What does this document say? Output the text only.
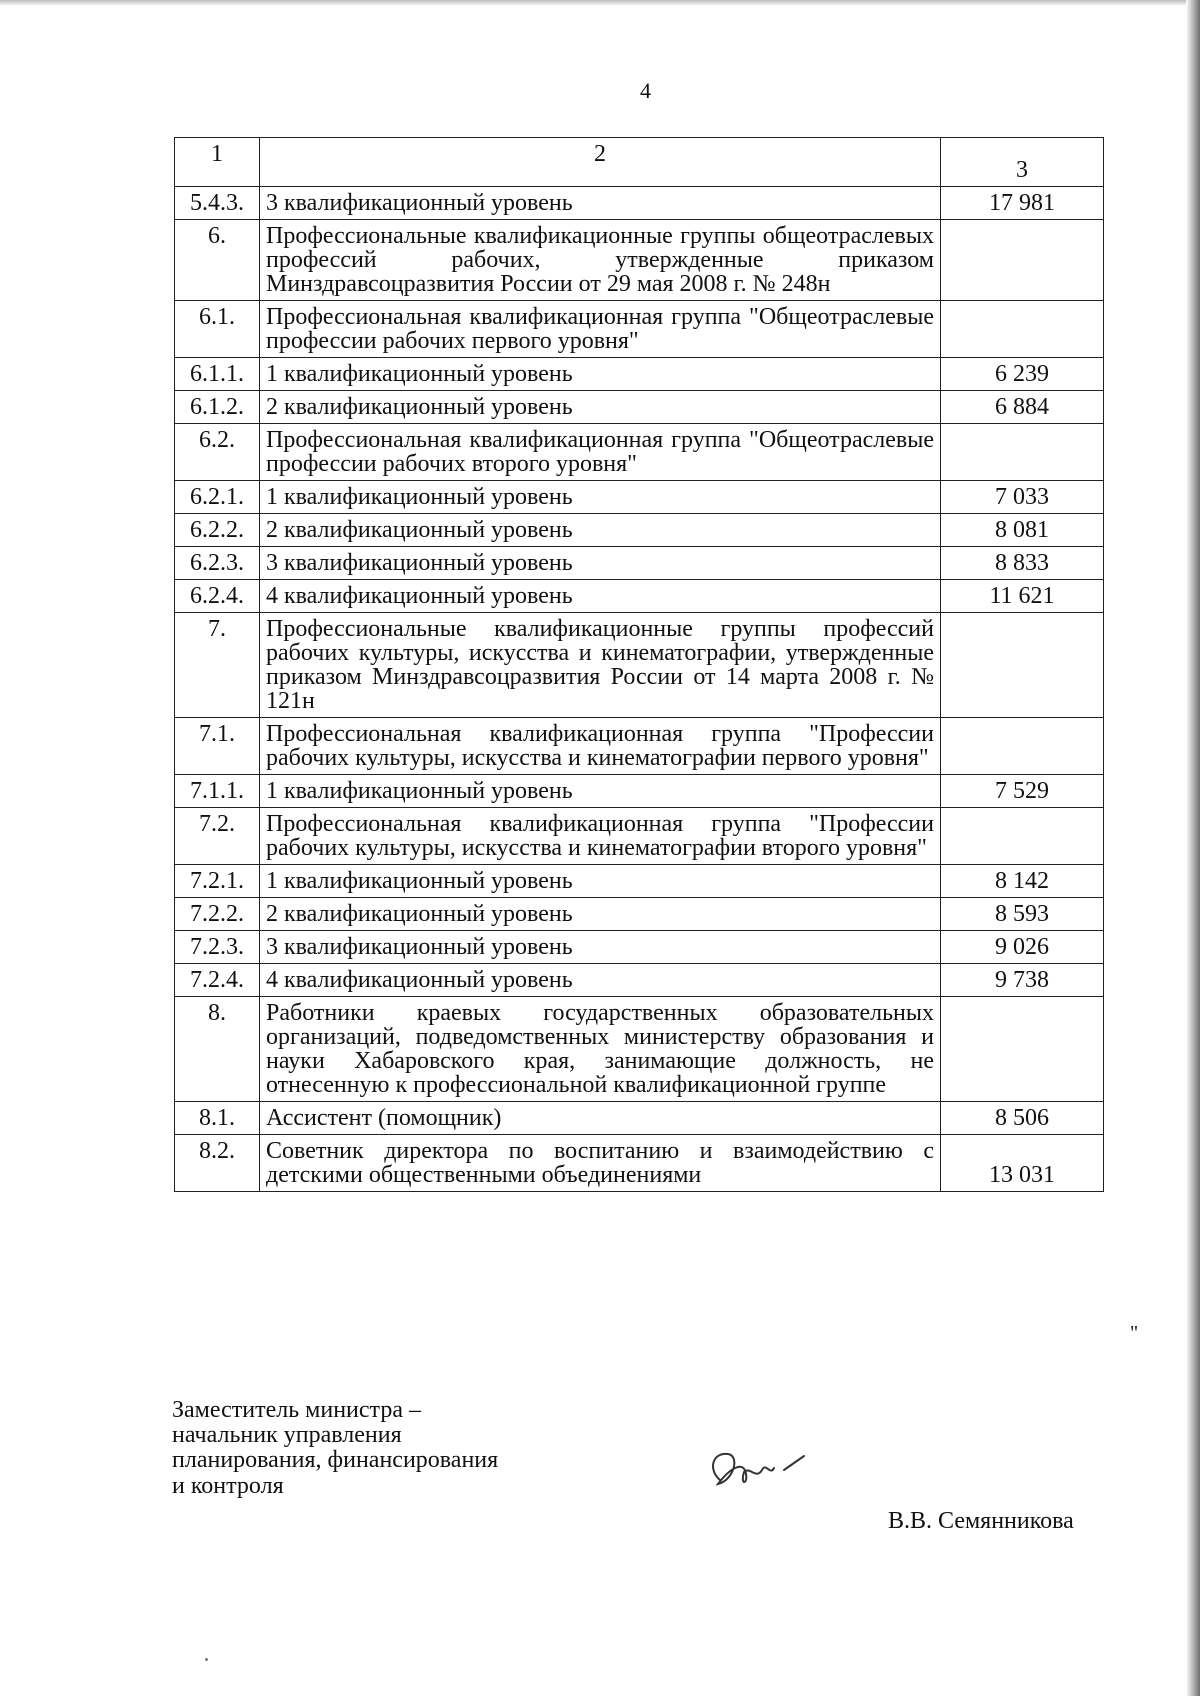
4
1	2	3
5.4.3.	3 квалификационный уровень	17 981
6.	Профессиональные квалификационные группы общеотраслевых профессий рабочих, утвержденные приказом Минздравсоцразвития России от 29 мая 2008 г. № 248н	
6.1.	Профессиональная квалификационная группа "Общеотраслевые профессии рабочих первого уровня"	
6.1.1.	1 квалификационный уровень	6 239
6.1.2.	2 квалификационный уровень	6 884
6.2.	Профессиональная квалификационная группа "Общеотраслевые профессии рабочих второго уровня"	
6.2.1.	1 квалификационный уровень	7 033
6.2.2.	2 квалификационный уровень	8 081
6.2.3.	3 квалификационный уровень	8 833
6.2.4.	4 квалификационный уровень	11 621
7.	Профессиональные квалификационные группы профессий рабочих культуры, искусства и кинематографии, утвержденные приказом Минздравсоцразвития России от 14 марта 2008 г. № 121н	
7.1.	Профессиональная квалификационная группа "Профессии рабочих культуры, искусства и кинематографии первого уровня"	
7.1.1.	1 квалификационный уровень	7 529
7.2.	Профессиональная квалификационная группа "Профессии рабочих культуры, искусства и кинематографии второго уровня"	
7.2.1.	1 квалификационный уровень	8 142
7.2.2.	2 квалификационный уровень	8 593
7.2.3.	3 квалификационный уровень	9 026
7.2.4.	4 квалификационный уровень	9 738
8.	Работники краевых государственных образовательных организаций, подведомственных министерству образования и науки Хабаровского края, занимающие должность, не отнесенную к профессиональной квалификационной группе	
8.1.	Ассистент (помощник)	8 506
8.2.	Советник директора по воспитанию и взаимодействию с детскими общественными объединениями	13 031
"
Заместитель министра –
начальник управления
планирования, финансирования
и контроля
В.В. Семянникова
